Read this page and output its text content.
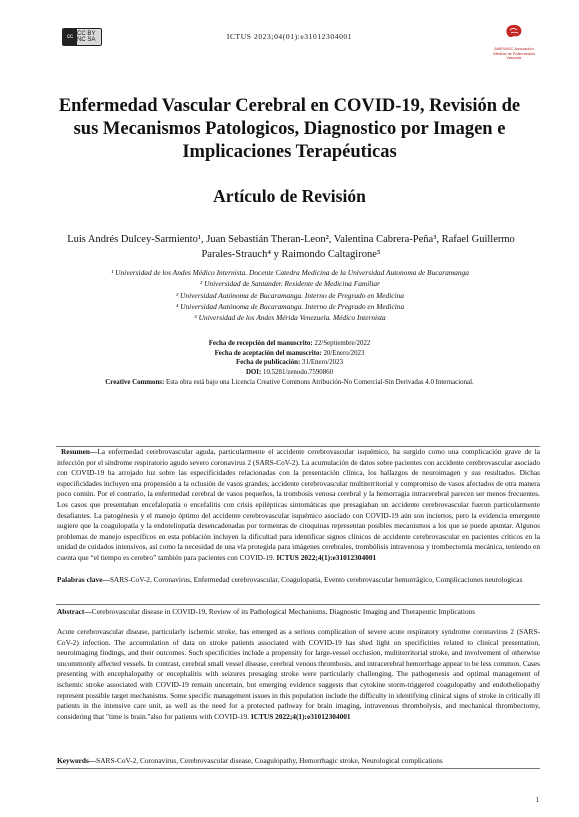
cc CC BY NC SA	ICTUS 2023;04(01):e31012304001
AMEVASC Asociación Médica de Enfermedad Vascular
Enfermedad Vascular Cerebral en COVID-19, Revisión de sus Mecanismos Patologicos, Diagnostico por Imagen e Implicaciones Terapéuticas
Artículo de Revisión
Luis Andrés Dulcey-Sarmiento¹, Juan Sebastián Theran-Leon², Valentina Cabrera-Peña³, Rafael Guillermo Parales-Strauch⁴ y Raimondo Caltagirone⁵
¹ Universidad de los Andes Médico Internista. Docente Catedra Medicina de la Universidad Autonoma de Bucaramanga
² Universidad de Santander. Residente de Medicina Familiar
³ Universidad Autónoma de Bucaramanga. Interno de Pregrado en Medicina
⁴ Universidad Autónoma de Bucaramanga. Interno de Pregrado en Medicina
⁵ Universidad de los Andes Mérida Venezuela. Médico Internista
Fecha de recepción del manuscrito: 22/Septiembre/2022
Fecha de aceptación del manuscrito: 20/Enero/2023
Fecha de publicación: 31/Enero/2023
DOI: 10.5281/zenodo.7590860
Creative Commons: Esta obra está bajo una Licencia Creative Commons Atribución-No Comercial-Sin Derivadas 4.0 Internacional.
Resumen—La enfermedad cerebrovascular aguda, particularmente el accidente cerebrovascular isquémico, ha surgido como una complicación grave de la infección por el síndrome respiratorio agudo severo coronavirus 2 (SARS-CoV-2). La acumulación de datos sobre pacientes con accidente cerebrovascular asociado con COVID-19 ha arrojado luz sobre las especificidades relacionadas con la presentación clínica, los hallazgos de neuroimagen y sus resultados. Dichas especificidades incluyen una propensión a la oclusión de vasos grandes, accidente cerebrovascular multiterritorial y compromiso de vasos afectados de otra manera poco común. Por el contrario, la enfermedad cerebral de vasos pequeños, la trombosis venosa cerebral y la hemorragia intracerebral parecen ser menos frecuentes. Los casos que presentaban encefalopatía o encefalitis con crisis epilépticas sintomáticas que presagiaban un accidente cerebrovascular fueron particularmente desafiantes. La patogénesis y el manejo óptimo del accidente cerebrovascular isquémico asociado con COVID-19 aún son inciertos, pero la evidencia emergente sugiere que la coagulopatía y la endoteliopatía desencadenadas por tormentas de citoquinas representan posibles mecanismos a los que se puede apuntar. Algunos problemas de manejo específicos en esta población incluyen la dificultad para identificar signos clínicos de accidente cerebrovascular en pacientes críticos en la unidad de cuidados intensivos, así como la necesidad de una vía protegida para imágenes cerebrales, trombólisis intravenosa y trombectomía mecánica, teniendo en cuenta que “el tiempo es cerebro” también para pacientes con COVID-19. ICTUS 2022;4(1):e31012304001
Palabras clave—SARS-CoV-2, Coronavirus, Enfermedad cerebrovascular, Coagulopatía, Evento cerebrovascular hemorrágico, Complicaciones neurologicas
Abstract—Cerebrovascular disease in COVID-19, Review of its Pathological Mechanisms, Diagnostic Imaging and Therapeutic Implications
Acute cerebrovascular disease, particularly ischemic stroke, has emerged as a serious complication of severe acute respiratory syndrome coronavirus 2 (SARS-CoV-2) infection. The accumulation of data on stroke patients associated with COVID-19 has shed light on specificities related to clinical presentation, neuroimaging findings, and their outcomes. Such specificities include a propensity for large-vessel occlusion, multiterritorial stroke, and involvement of otherwise uncommonly affected vessels. In contrast, cerebral small vessel disease, cerebral venous thrombosis, and intracerebral hemorrhage appear to be less common. Cases presenting with encephalopathy or encephalitis with seizures presaging stroke were particularly challenging. The pathogenesis and optimal management of ischemic stroke associated with COVID-19 remain uncertain, but emerging evidence suggests that cytokine storm-triggered coagulopathy and endotheliopathy represent possible target mechanisms. Some specific management issues in this population include the difficulty in identifying clinical signs of stroke in critically ill patients in the intensive care unit, as well as the need for a protected pathway for brain imaging, intravenous thrombolysis, and mechanical thrombectomy, considering that "time is brain."also for patients with COVID-19. ICTUS 2022;4(1):e31012304001
Keywords—SARS-CoV-2, Coronavirus, Cerebrovascular disease, Coagulopathy, Hemorrhagic stroke, Neurological complications
1
